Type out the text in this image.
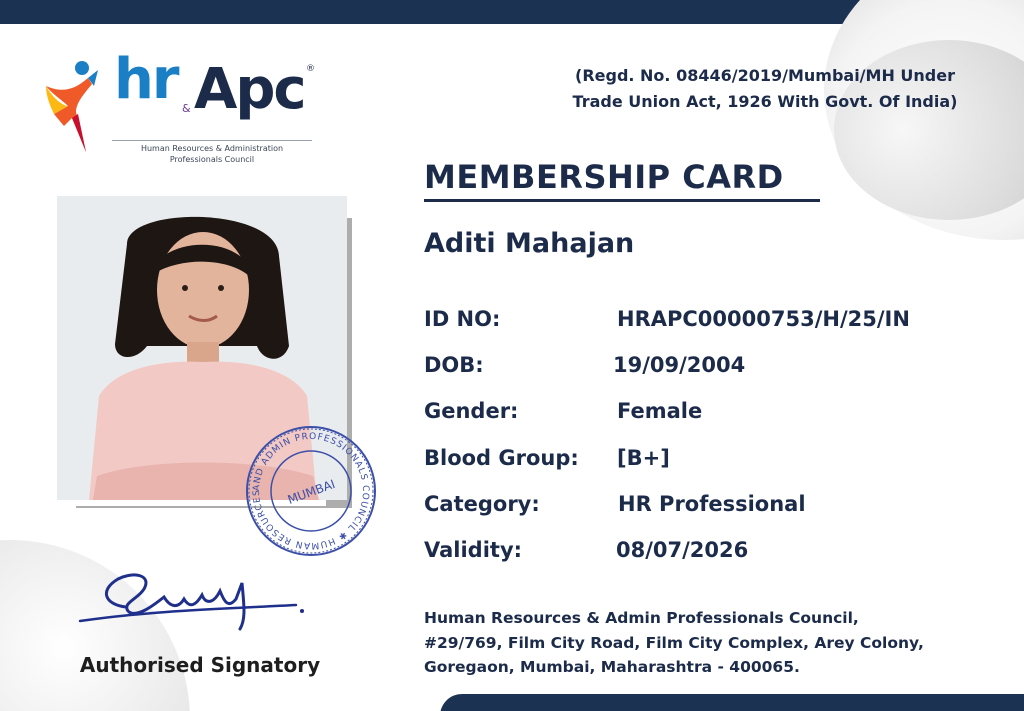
hr & Apc ®
Human Resources & Administration
Professionals Council
(Regd. No. 08446/2019/Mumbai/MH Under
Trade Union Act, 1926 With Govt. Of India)
MEMBERSHIP CARD
Aditi Mahajan
ID NO:	HRAPC00000753/H/25/IN
DOB:	19/09/2004
Gender:	Female
Blood Group: [B+]
Category:	HR Professional
Validity:	08/07/2026
AND ADMIN PROFESSIONALS COUNCIL ✱ HUMAN RESOURCES	MUMBAI
Authorised Signatory
Human Resources & Admin Professionals Council,
#29/769, Film City Road, Film City Complex, Arey Colony,
Goregaon, Mumbai, Maharashtra - 400065.
